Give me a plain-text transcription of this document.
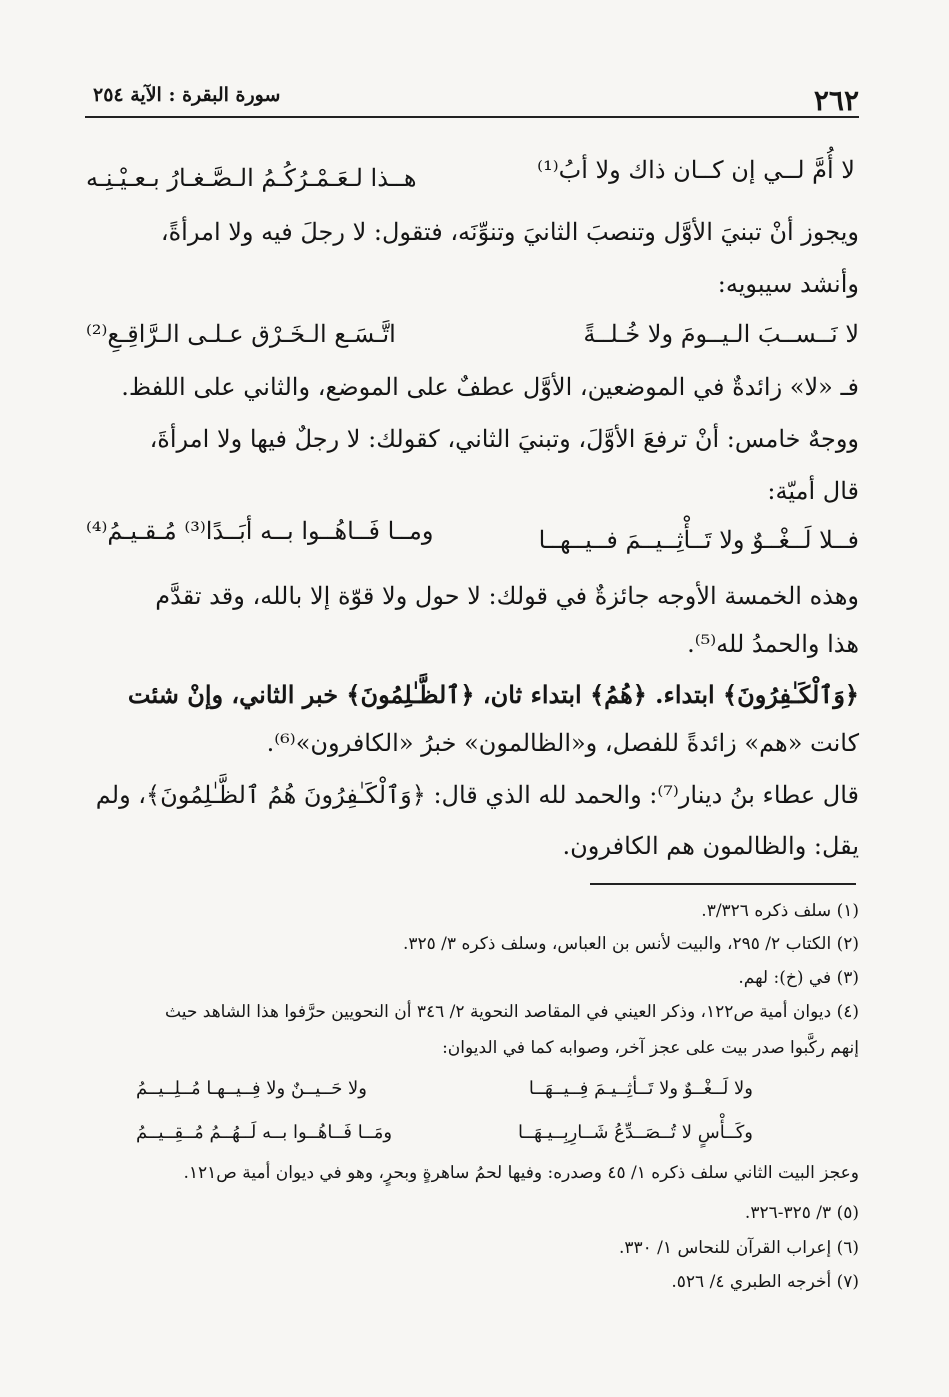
٢٦٢
سورة البقرة : الآية ٢٥٤
لا أُمَّ لــي إن كــان ذاك ولا أبُ⁽¹⁾
هــذا لـعَـمْـرُكُـمُ الـصَّـغـارُ بـعـيْـنِـه
ويجوز أنْ تبنيَ الأوَّل وتنصبَ الثانيَ وتنوِّنَه، فتقول: لا رجلَ فيه ولا امرأةً،
وأنشد سيبويه:
لا نَــســبَ الـيــومَ ولا خُـلــةً
اتَّـسَـع الـخَـرْق عـلـى الـرَّاقِـعِ⁽²⁾
فـ «لا» زائدةٌ في الموضعين، الأوَّل عطفٌ على الموضع، والثاني على اللفظ.
ووجهٌ خامس: أنْ ترفعَ الأوَّلَ، وتبنيَ الثاني، كقولك: لا رجلٌ فيها ولا امرأةَ،
قال أميّة:
فــلا لَــغْــوٌ ولا تَــأْثِــيــمَ فــيــهــا
ومــا فَــاهُــوا بــه أبَــدًا⁽³⁾ مُـقـيـمُ⁽⁴⁾
وهذه الخمسة الأوجه جائزةٌ في قولك: لا حول ولا قوّة إلا بالله، وقد تقدَّم
هذا والحمدُ لله⁽⁵⁾.
﴿وَٱلْكَـٰفِرُونَ﴾ ابتداء. ﴿هُمُ﴾ ابتداء ثان، ﴿ٱلظَّـٰلِمُونَ﴾ خبر الثاني، وإنْ شئت
كانت «هم» زائدةً للفصل، و«الظالمون» خبرُ «الكافرون»⁽⁶⁾.
قال عطاء بنُ دينار⁽⁷⁾: والحمد لله الذي قال: ﴿وَٱلْكَـٰفِرُونَ هُمُ ٱلظَّـٰلِمُونَ﴾، ولم
يقل: والظالمون هم الكافرون.
(١) سلف ذكره ٣/٣٢٦.
(٢) الكتاب ٢/ ٢٩٥، والبيت لأنس بن العباس، وسلف ذكره ٣/ ٣٢٥.
(٣) في (خ): لهم.
(٤) ديوان أمية ص١٢٢، وذكر العيني في المقاصد النحوية ٢/ ٣٤٦ أن النحويين حرَّفوا هذا الشاهد حيث
إنهم ركَّبوا صدر بيت على عجز آخر، وصوابه كما في الديوان:
ولا لَــغْــوٌ ولا تَــأثِــيـمَ فِــيــهَــا
ولا حَــيــنٌ ولا فِــيــهـا مُــلِــيــمُ
وكَــأْسٍ لا تُــصَــدِّعُ شَــارِبِــيـهَــا
ومَــا فَــاهُــوا بــه لَــهُــمُ مُــقِــيــمُ
وعجز البيت الثاني سلف ذكره ١/ ٤٥ وصدره: وفيها لحمُ ساهرةٍ وبحرٍ، وهو في ديوان أمية ص١٢١.
(٥) ٣/ ٣٢٥-٣٢٦.
(٦) إعراب القرآن للنحاس ١/ ٣٣٠.
(٧) أخرجه الطبري ٤/ ٥٢٦.
